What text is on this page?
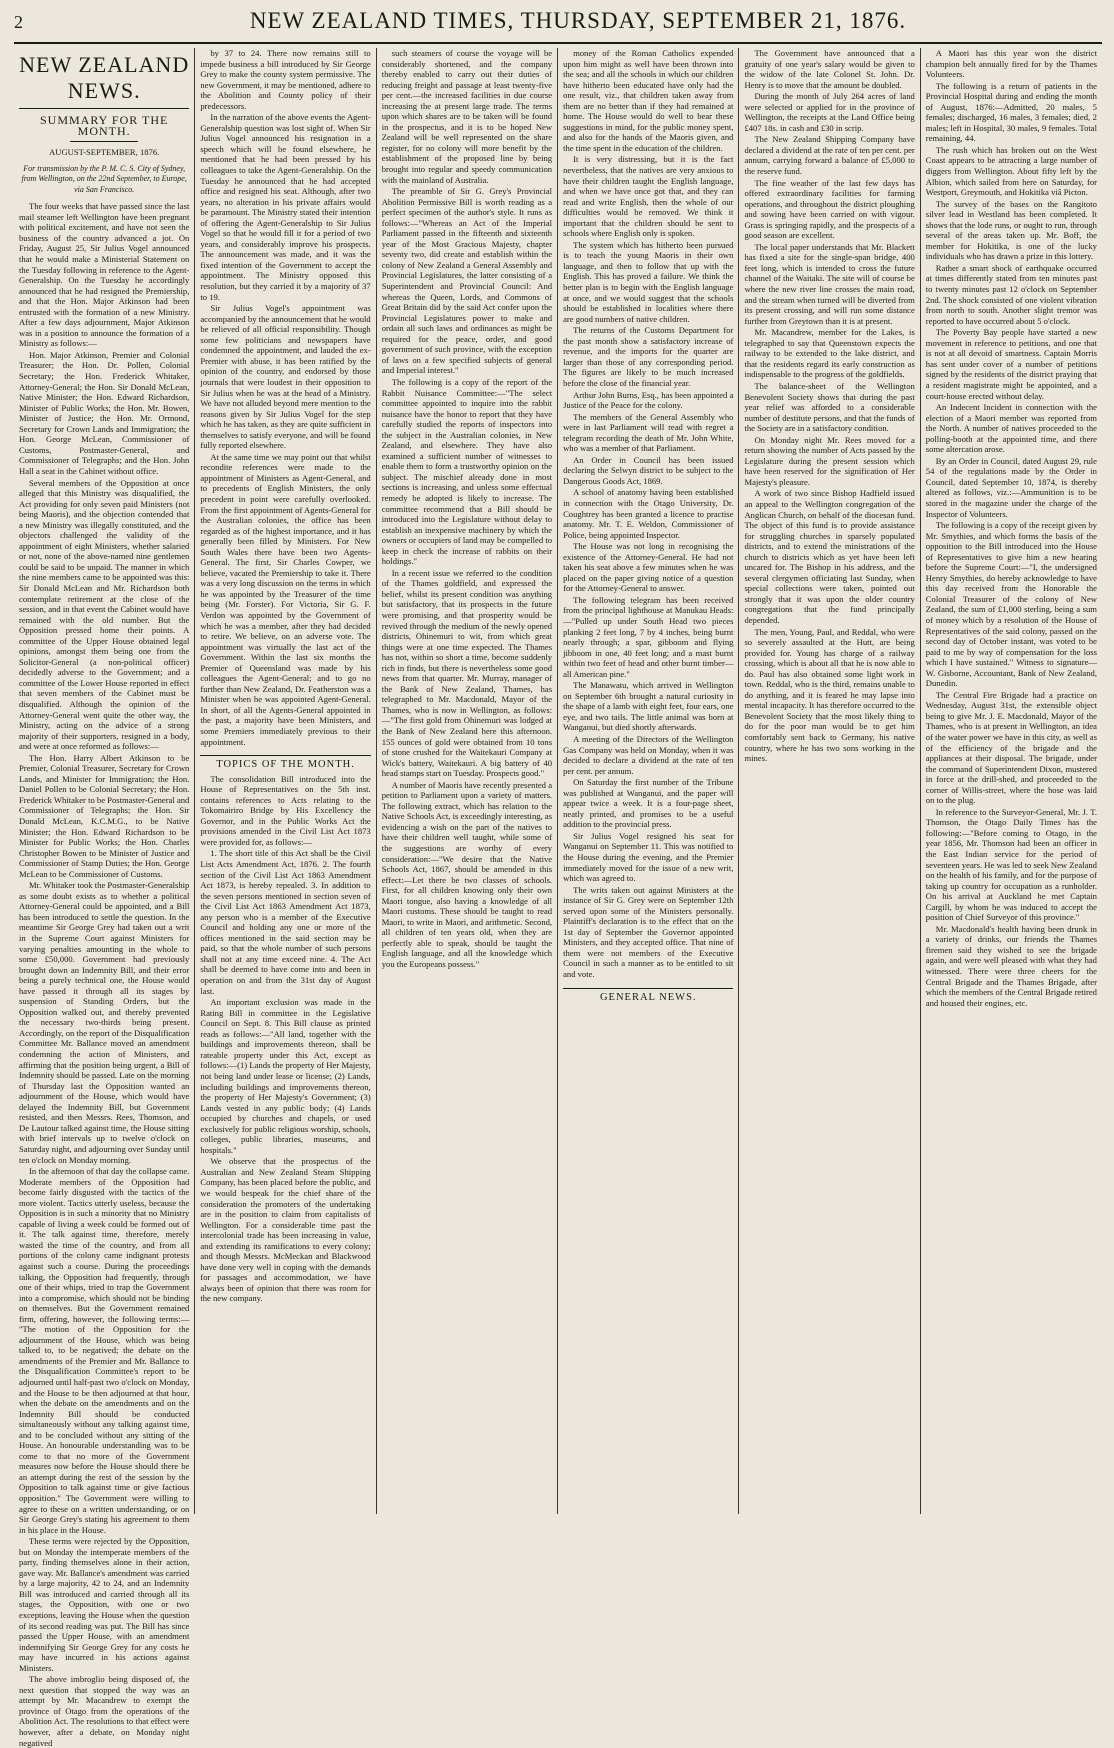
2	NEW ZEALAND TIMES, THURSDAY, SEPTEMBER 21, 1876.
NEW ZEALAND NEWS.
SUMMARY FOR THE MONTH.
AUGUST-SEPTEMBER, 1876.
For transmission by the P. M. C. S. City of Sydney, from Wellington, on the 22nd September, to Europe, via San Francisco.

The four weeks that have passed since the last mail steamer left Wellington have been pregnant with political excitement, and have not seen the business of the country advanced a jot. On Friday, August 25, Sir Julius Vogel announced that he would make a Ministerial Statement on the Tuesday following in reference to the Agent-Generalship. On the Tuesday he accordingly announced that he had resigned the Premiership, and that the Hon. Major Atkinson had been entrusted with the formation of a new Ministry. After a few days adjournment, Major Atkinson was in a position to announce the formation of a Ministry as follows:—

Hon. Major Atkinson, Premier and Colonial Treasurer; the Hon. Dr. Pollen, Colonial Secretary; the Hon. Frederick Whitaker, Attorney-General; the Hon. Sir Donald McLean, Native Minister; the Hon. Edward Richardson, Minister of Public Works; the Hon. Mr. Bowen, Minister of Justice; the Hon. Mr. Ormond, Secretary for Crown Lands and Immigration; the Hon. George McLean, Commissioner of Customs, Postmaster-General, and Commissioner of Telegraphs; and the Hon. John Hall a seat in the Cabinet without office.

Several members of the Opposition at once alleged that this Ministry was disqualified, the Act providing for only seven paid Ministers (not being Maoris), and the objection contended that a new Ministry was illegally constituted, and the objectors challenged the validity of the appointment of eight Ministers, whether salaried or not, none of the above-named nine gentlemen could be said to be unpaid. The manner in which the nine members came to be appointed was this: Sir Donald McLean and Mr. Richardson both contemplate retirement at the close of the session, and in that event the Cabinet would have remained with the old number. But the Opposition pressed home their points. A committee of the Upper House obtained legal opinions, amongst them being one from the Solicitor-General (a non-political officer) decidedly adverse to the Government; and a committee of the Lower House reported in effect that seven members of the Cabinet must be disqualified. Although the opinion of the Attorney-General went quite the other way, the Ministry, acting on the advice of a strong majority of their supporters, resigned in a body, and were at once reformed as follows:—

The Hon. Harry Albert Atkinson to be Premier, Colonial Treasurer, Secretary for Crown Lands, and Minister for Immigration; the Hon. Daniel Pollen to be Colonial Secretary; the Hon. Frederick Whitaker to be Postmaster-General and Commissioner of Telegraphs; the Hon. Sir Donald McLean, K.C.M.G., to be Native Minister; the Hon. Edward Richardson to be Minister for Public Works; the Hon. Charles Christopher Bowen to be Minister of Justice and Commissioner of Stamp Duties; the Hon. George McLean to be Commissioner of Customs.

Mr. Whitaker took the Postmaster-Generalship as some doubt exists as to whether a political Attorney-General could be appointed, and a Bill has been introduced to settle the question. In the meantime Sir George Grey had taken out a writ in the Supreme Court against Ministers for varying penalties amounting in the whole to some £50,000. Government had previously brought down an Indemnity Bill, and their error being a purely technical one, the House would have passed it through all its stages by suspension of Standing Orders, but the Opposition walked out, and thereby prevented the necessary two-thirds being present. Accordingly, on the report of the Disqualification Committee Mr. Ballance moved an amendment condemning the action of Ministers, and affirming that the position being urgent, a Bill of Indemnity should be passed. Late on the morning of Thursday last the Opposition wanted an adjournment of the House, which would have delayed the Indemnity Bill, but Government resisted, and then Messrs. Rees, Thomson, and De Lautour talked against time, the House sitting with brief intervals up to twelve o'clock on Saturday night, and adjourning over Sunday until ten o'clock on Monday morning.

In the afternoon of that day the collapse came. Moderate members of the Opposition had become fairly disgusted with the tactics of the more violent. Tactics utterly useless, because the Opposition is in such a minority that no Ministry capable of living a week could be formed out of it. The talk against time, therefore, merely wasted the time of the country, and from all portions of the colony came indignant protests against such a course. During the proceedings talking, the Opposition had frequently, through one of their whips, tried to trap the Government into a compromise, which should not be binding on themselves. But the Government remained firm, offering, however, the following terms:— "The motion of the Opposition for the adjournment of the House, which was being talked to, to be negatived; the debate on the amendments of the Premier and Mr. Ballance to the Disqualification Committee's report to be adjourned until half-past two o'clock on Monday, and the House to be then adjourned at that hour, when the debate on the amendments and on the Indemnity Bill should be conducted simultaneously without any talking against time, and to be concluded without any sitting of the House. An honourable understanding was to be come to that no more of the Government measures now before the House should there be an attempt during the rest of the session by the Opposition to talk against time or give factious opposition." The Government were willing to agree to these on a written understanding, or on Sir George Grey's stating his agreement to them in his place in the House.

These terms were rejected by the Opposition, but on Monday the intemperate members of the party, finding themselves alone in their action, gave way. Mr. Ballance's amendment was carried by a large majority, 42 to 24, and an Indemnity Bill was introduced and carried through all its stages, the Opposition, with one or two exceptions, leaving the House when the question of its second reading was put. The Bill has since passed the Upper House, with an amendment indemnifying Sir George Grey for any costs he may have incurred in his actions against Ministers.

The above imbroglio being disposed of, the next question that stopped the way was an attempt by Mr. Macandrew to exempt the province of Otago from the operations of the Abolition Act. The resolutions to that effect were however, after a debate, on Monday night negatived

by 37 to 24. There now remains still to impede business a bill introduced by Sir George Grey to make the county system permissive. The new Government, it may be mentioned, adhere to the Abolition and County policy of their predecessors.

In the narration of the above events the Agent-Generalship question was lost sight of. When Sir Julius Vogel announced his resignation in a speech which will be found elsewhere, he mentioned that he had been pressed by his colleagues to take the Agent-Generalship. On the Tuesday he announced that he had accepted office and resigned his seat. Although, after two years, no alteration in his private affairs would be paramount. The Ministry stated their intention of offering the Agent-Generalship to Sir Julius Vogel so that he would fill it for a period of two years, and considerably improve his prospects. The announcement was made, and it was the fixed intention of the Government to accept the appointment. The Ministry opposed this resolution, but they carried it by a majority of 37 to 19.

Sir Julius Vogel's appointment was accompanied by the announcement that he would be relieved of all official responsibility. Though some few politicians and newspapers have condemned the appointment, and lauded the ex-Premier with abuse, it has been ratified by the opinion of the country, and endorsed by those journals that were loudest in their opposition to Sir Julius when he was at the head of a Ministry. We have not alluded beyond mere mention to the reasons given by Sir Julius Vogel for the step which he has taken, as they are quite sufficient in themselves to satisfy everyone, and will be found fully reported elsewhere.

At the same time we may point out that whilst recondite references were made to the appointment of Ministers as Agent-General, and to precedents of English Ministers, the only precedent in point were carefully overlooked. From the first appointment of Agents-General for the Australian colonies, the office has been regarded as of the highest importance, and it has generally been filled by Ministers. For New South Wales there have been two Agents-General. The first, Sir Charles Cowper, we believe, vacated the Premiership to take it. There was a very long discussion on the terms in which he was appointed by the Treasurer of the time being (Mr. Forster). For Victoria, Sir G. F. Verdon was appointed by the Government of which he was a member, after they had decided to retire. We believe, on an adverse vote. The appointment was virtually the last act of the Government. Within the last six months the Premier of Queensland was made by his colleagues the Agent-General; and to go no further than New Zealand, Dr. Featherston was a Minister when he was appointed Agent-General. In short, of all the Agents-General appointed in the past, a majority have been Ministers, and some Premiers immediately previous to their appointment.

TOPICS OF THE MONTH.

The consolidation Bill introduced into the House of Representatives on the 5th inst. contains references to Acts relating to the Tokomairiro Bridge by His Excellency the Governor, and in the Public Works Act the provisions amended in the Civil List Act 1873 were provided for, as follows:—

1. The short title of this Act shall be the Civil List Acts Amendment Act, 1876. 2. The fourth section of the Civil List Act 1863 Amendment Act 1873, is hereby repealed. 3. In addition to the seven persons mentioned in section seven of the Civil List Act 1863 Amendment Act 1873, any person who is a member of the Executive Council and holding any one or more of the offices mentioned in the said section may be paid, so that the whole number of such persons shall not at any time exceed nine. 4. The Act shall be deemed to have come into and been in operation on and from the 31st day of August last.

An important exclusion was made in the Rating Bill in committee in the Legislative Council on Sept. 8. This Bill clause as printed reads as follows:—"All land, together with the buildings and improvements thereon, shall be rateable property under this Act, except as follows:—(1) Lands the property of Her Majesty, not being land under lease or license; (2) Lands, including buildings and improvements thereon, the property of Her Majesty's Government; (3) Lands vested in any public body; (4) Lands occupied by churches and chapels, or used exclusively for public religious worship, schools, colleges, public libraries, museums, and hospitals."

We observe that the prospectus of the Australian and New Zealand Steam Shipping Company, has been placed before the public, and we would bespeak for the chief share of the consideration the promoters of the undertaking are in the position to claim from capitalists of Wellington. For a considerable time past the intercolonial trade has been increasing in value, and extending its ramifications to every colony; and though Messrs. McMeckan and Blackwood have done very well in coping with the demands for passages and accommodation, we have always been of opinion that there was room for the new company.

such steamers of course the voyage will be considerably shortened, and the company thereby enabled to carry out their duties of reducing freight and passage at least twenty-five per cent.—the increased facilities in due course increasing the at present large trade. The terms upon which shares are to be taken will be found in the prospectus, and it is to be hoped New Zealand will be well represented on the share register, for no colony will more benefit by the establishment of the proposed line by being brought into regular and speedy communication with the mainland of Australia.

The preamble of Sir G. Grey's Provincial Abolition Permissive Bill is worth reading as a perfect specimen of the author's style. It runs as follows:—"Whereas an Act of the Imperial Parliament passed in the fifteenth and sixteenth year of the Most Gracious Majesty, chapter seventy two, did create and establish within the colony of New Zealand a General Assembly and Provincial Legislatures, the latter consisting of a Superintendent and Provincial Council: And whereas the Queen, Lords, and Commons of Great Britain did by the said Act confer upon the Provincial Legislatures power to make and ordain all such laws and ordinances as might be required for the peace, order, and good government of such province, with the exception of laws on a few specified subjects of general and Imperial interest."

The following is a copy of the report of the Rabbit Nuisance Committee:—"The select committee appointed to inquire into the rabbit nuisance have the honor to report that they have carefully studied the reports of inspectors into the subject in the Australian colonies, in New Zealand, and elsewhere. They have also examined a sufficient number of witnesses to enable them to form a trustworthy opinion on the subject. The mischief already done in most sections is increasing, and unless some effectual remedy be adopted is likely to increase. The committee recommend that a Bill should be introduced into the Legislature without delay to establish an inexpensive machinery by which the owners or occupiers of land may be compelled to keep in check the increase of rabbits on their holdings."

In a recent issue we referred to the condition of the Thames goldfield, and expressed the belief, whilst its present condition was anything but satisfactory, that its prospects in the future were promising, and that prosperity would be revived through the medium of the newly opened districts, Ohinemuri to wit, from which great things were at one time expected. The Thames has not, within so short a time, become suddenly rich in finds, but there is nevertheless some good news from that quarter. Mr. Murray, manager of the Bank of New Zealand, Thames, has telegraphed to Mr. Macdonald, Mayor of the Thames, who is now in Wellington, as follows:—"The first gold from Ohinemuri was lodged at the Bank of New Zealand here this afternoon. 155 ounces of gold were obtained from 10 tons of stone crushed for the Waitekauri Company at Wick's battery, Waitekauri. A big battery of 40 head stamps start on Tuesday. Prospects good."

A number of Maoris have recently presented a petition to Parliament upon a variety of matters. The following extract, which has relation to the Native Schools Act, is exceedingly interesting, as evidencing a wish on the part of the natives to have their children well taught, while some of the suggestions are worthy of every consideration:—"We desire that the Native Schools Act, 1867, should be amended in this effect:—Let there be two classes of schools. First, for all children knowing only their own Maori tongue, also having a knowledge of all Maori customs. These should be taught to read Maori, to write in Maori, and arithmetic. Second, all children of ten years old, when they are perfectly able to speak, should be taught the English language, and all the knowledge which you the Europeans possess."

money of the Roman Catholics expended upon him might as well have been thrown into the sea; and all the schools in which our children have hitherto been educated have only had the one result, viz., that children taken away from them are no better than if they had remained at home. The House would do well to bear these suggestions in mind, for the public money spent, and also for the hands of the Maoris given, and the time spent in the education of the children.

It is very distressing, but it is the fact nevertheless, that the natives are very anxious to have their children taught the English language, and when we have once got that, and they can read and write English, then the whole of our difficulties would be removed. We think it important that the children should be sent to schools where English only is spoken.

The system which has hitherto been pursued is to teach the young Maoris in their own language, and then to follow that up with the English. This has proved a failure. We think the better plan is to begin with the English language at once, and we would suggest that the schools should be established in localities where there are good numbers of native children.

The returns of the Customs Department for the past month show a satisfactory increase of revenue, and the imports for the quarter are larger than those of any corresponding period. The figures are likely to be much increased before the close of the financial year.

Arthur John Burns, Esq., has been appointed a Justice of the Peace for the colony.

The members of the General Assembly who were in last Parliament will read with regret a telegram recording the death of Mr. John White, who was a member of that Parliament.

An Order in Council has been issued declaring the Selwyn district to be subject to the Dangerous Goods Act, 1869.

A school of anatomy having been established in connection with the Otago University, Dr. Coughtrey has been granted a licence to practise anatomy. Mr. T. E. Weldon, Commissioner of Police, being appointed Inspector.

The House was not long in recognising the existence of the Attorney-General. He had not taken his seat above a few minutes when he was placed on the paper giving notice of a question for the Attorney-General to answer.

The following telegram has been received from the principal lighthouse at Manukau Heads:—"Pulled up under South Head two pieces planking 2 feet long, 7 by 4 inches, being burnt nearly through; a spar, gibboom and flying jibboom in one, 40 feet long; and a mast burnt within two feet of head and other burnt timber—all American pine."

The Manawatu, which arrived in Wellington on September 6th brought a natural curiosity in the shape of a lamb with eight feet, four ears, one eye, and two tails. The little animal was born at Wanganui, but died shortly afterwards.

A meeting of the Directors of the Wellington Gas Company was held on Monday, when it was decided to declare a dividend at the rate of ten per cent. per annum.

On Saturday the first number of the Tribune was published at Wanganui, and the paper will appear twice a week. It is a four-page sheet, neatly printed, and promises to be a useful addition to the provincial press.

Sir Julius Vogel resigned his seat for Wanganui on September 11. This was notified to the House during the evening, and the Premier immediately moved for the issue of a new writ, which was agreed to.

The writs taken out against Ministers at the instance of Sir G. Grey were on September 12th served upon some of the Ministers personally. Plaintiff's declaration is to the effect that on the 1st day of September the Governor appointed Ministers, and they accepted office. That nine of them were not members of the Executive Council in such a manner as to be entitled to sit and vote.

GENERAL NEWS.

The Government have announced that a gratuity of one year's salary would be given to the widow of the late Colonel St. John. Dr. Henry is to move that the amount be doubled.

During the month of July 264 acres of land were selected or applied for in the province of Wellington, the receipts at the Land Office being £407 18s. in cash and £30 in scrip.

The New Zealand Shipping Company have declared a dividend at the rate of ten per cent. per annum, carrying forward a balance of £5,000 to the reserve fund.

The fine weather of the last few days has offered extraordinary facilities for farming operations, and throughout the district ploughing and sowing have been carried on with vigour. Grass is springing rapidly, and the prospects of a good season are excellent.

The local paper understands that Mr. Blackett has fixed a site for the single-span bridge, 400 feet long, which is intended to cross the future channel of the Waitaki. The site will of course be where the new river line crosses the main road, and the stream when turned will be diverted from its present crossing, and will run some distance further from Greytown than it is at present.

Mr. Macandrew, member for the Lakes, is telegraphed to say that Queenstown expects the railway to be extended to the lake district, and that the residents regard its early construction as indispensable to the progress of the goldfields.

The balance-sheet of the Wellington Benevolent Society shows that during the past year relief was afforded to a considerable number of destitute persons, and that the funds of the Society are in a satisfactory condition.

On Monday night Mr. Rees moved for a return showing the number of Acts passed by the Legislature during the present session which have been reserved for the signification of Her Majesty's pleasure.

A work of two since Bishop Hadfield issued an appeal to the Wellington congregation of the Anglican Church, on behalf of the diocesan fund. The object of this fund is to provide assistance for struggling churches in sparsely populated districts, and to extend the ministrations of the church to districts which as yet have been left uncared for. The Bishop in his address, and the several clergymen officiating last Sunday, when special collections were taken, pointed out strongly that it was upon the older country congregations that the fund principally depended.

The men, Young, Paul, and Reddal, who were so severely assaulted at the Hutt, are being provided for. Young has charge of a railway crossing, which is about all that he is now able to do. Paul has also obtained some light work in town. Reddal, who is the third, remains unable to do anything, and it is feared he may lapse into mental incapacity. It has therefore occurred to the Benevolent Society that the most likely thing to do for the poor man would be to get him comfortably sent back to Germany, his native country, where he has two sons working in the mines.

A Maori has this year won the district champion belt annually fired for by the Thames Volunteers.

The following is a return of patients in the Provincial Hospital during and ending the month of August, 1876:—Admitted, 20 males, 5 females; discharged, 16 males, 3 females; died, 2 males; left in Hospital, 30 males, 9 females. Total remaining, 44.

The rush which has broken out on the West Coast appears to be attracting a large number of diggers from Wellington. About fifty left by the Albion, which sailed from here on Saturday, for Westport, Greymouth, and Hokitika viâ Picton.

The survey of the bases on the Rangitoto silver lead in Westland has been completed. It shows that the lode runs, or ought to run, through several of the areas taken up. Mr. Boff, the member for Hokitika, is one of the lucky individuals who has drawn a prize in this lottery.

Rather a smart shock of earthquake occurred at times differently stated from ten minutes past to twenty minutes past 12 o'clock on September 2nd. The shock consisted of one violent vibration from north to south. Another slight tremor was reported to have occurred about 5 o'clock.

The Poverty Bay people have started a new movement in reference to petitions, and one that is not at all devoid of smartness. Captain Morris has sent under cover of a number of petitions signed by the residents of the district praying that a resident magistrate might be appointed, and a court-house erected without delay.

An Indecent Incident in connection with the election of a Maori member was reported from the North. A number of natives proceeded to the polling-booth at the appointed time, and there some altercation arose.

By an Order in Council, dated August 29, rule 54 of the regulations made by the Order in Council, dated September 10, 1874, is thereby altered as follows, viz.:—Ammunition is to be stored in the magazine under the charge of the Inspector of Volunteers.

The following is a copy of the receipt given by Mr. Smythies, and which forms the basis of the opposition to the Bill introduced into the House of Representatives to give him a new hearing before the Supreme Court:—"I, the undersigned Henry Smythies, do hereby acknowledge to have this day received from the Honorable the Colonial Treasurer of the colony of New Zealand, the sum of £1,000 sterling, being a sum of money which by a resolution of the House of Representatives of the said colony, passed on the second day of October instant, was voted to be paid to me by way of compensation for the loss which I have sustained." Witness to signature—W. Gisborne, Accountant, Bank of New Zealand, Dunedin.

The Central Fire Brigade had a practice on Wednesday, August 31st, the extensible object being to give Mr. J. E. Macdonald, Mayor of the Thames, who is at present in Wellington, an idea of the water power we have in this city, as well as of the efficiency of the brigade and the appliances at their disposal. The brigade, under the command of Superintendent Dixon, mustered in force at the drill-shed, and proceeded to the corner of Willis-street, where the hose was laid on to the plug.

In reference to the Surveyor-General, Mr. J. T. Thomson, the Otago Daily Times has the following:—"Before coming to Otago, in the year 1856, Mr. Thomson had been an officer in the East Indian service for the period of seventeen years. He was led to seek New Zealand on the health of his family, and for the purpose of taking up country for occupation as a runholder. On his arrival at Auckland he met Captain Cargill, by whom he was induced to accept the position of Chief Surveyor of this province."

Mr. Macdonald's health having been drunk in a variety of drinks, our friends the Thames firemen said they wished to see the brigade again, and were well pleased with what they had witnessed. There were three cheers for the Central Brigade and the Thames Brigade, after which the members of the Central Brigade retired and housed their engines, etc.
